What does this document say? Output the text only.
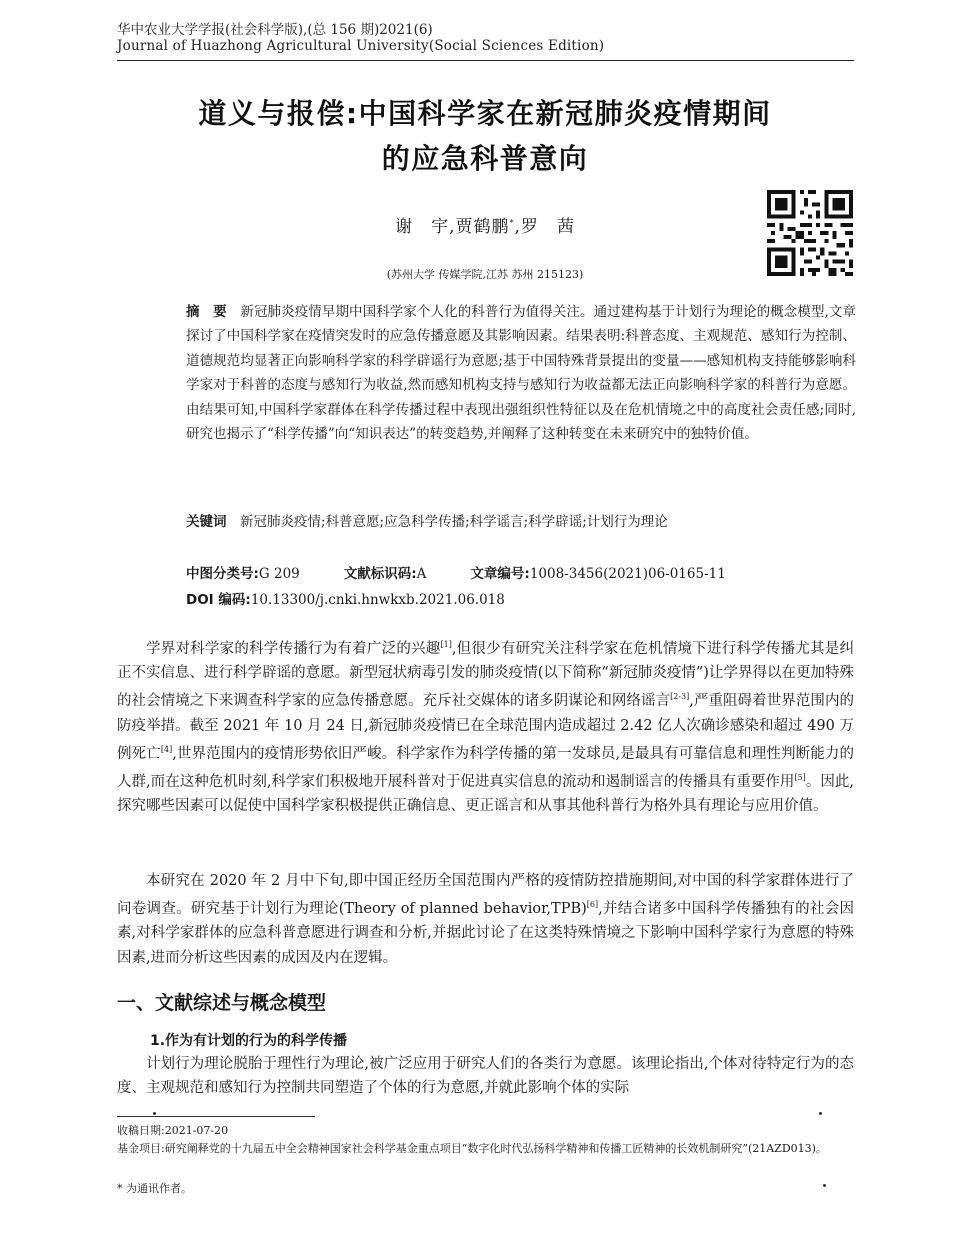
华中农业大学学报(社会科学版),(总 156 期)2021(6)
Journal of Huazhong Agricultural University(Social Sciences Edition)
道义与报偿:中国科学家在新冠肺炎疫情期间
的应急科普意向
谢　宇,贾鹤鹏*,罗　茜
(苏州大学 传媒学院,江苏 苏州 215123)
摘　要　 新冠肺炎疫情早期中国科学家个人化的科普行为值得关注。通过建构基于计划行为理论的概念模型,文章探讨了中国科学家在疫情突发时的应急传播意愿及其影响因素。结果表明:科普态度、主观规范、感知行为控制、道德规范均显著正向影响科学家的科学辟谣行为意愿;基于中国特殊背景提出的变量——感知机构支持能够影响科学家对于科普的态度与感知行为收益,然而感知机构支持与感知行为收益都无法正向影响科学家的科普行为意愿。由结果可知,中国科学家群体在科学传播过程中表现出强组织性特征以及在危机情境之中的高度社会责任感;同时,研究也揭示了“科学传播”向“知识表达”的转变趋势,并阐释了这种转变在未来研究中的独特价值。
关键词　 新冠肺炎疫情;科普意愿;应急科学传播;科学谣言;科学辟谣;计划行为理论
中图分类号:G 209	文献标识码:A	文章编号:1008-3456(2021)06-0165-11
DOI 编码:10.13300/j.cnki.hnwkxb.2021.06.018
学界对科学家的科学传播行为有着广泛的兴趣[1],但很少有研究关注科学家在危机情境下进行科学传播尤其是纠正不实信息、进行科学辟谣的意愿。新型冠状病毒引发的肺炎疫情(以下简称“新冠肺炎疫情”)让学界得以在更加特殊的社会情境之下来调查科学家的应急传播意愿。充斥社交媒体的诸多阴谋论和网络谣言[2-3],严重阻碍着世界范围内的防疫举措。截至 2021 年 10 月 24 日,新冠肺炎疫情已在全球范围内造成超过 2.42 亿人次确诊感染和超过 490 万例死亡[4],世界范围内的疫情形势依旧严峻。科学家作为科学传播的第一发球员,是最具有可靠信息和理性判断能力的人群,而在这种危机时刻,科学家们积极地开展科普对于促进真实信息的流动和遏制谣言的传播具有重要作用[5]。因此,探究哪些因素可以促使中国科学家积极提供正确信息、更正谣言和从事其他科普行为格外具有理论与应用价值。
本研究在 2020 年 2 月中下旬,即中国正经历全国范围内严格的疫情防控措施期间,对中国的科学家群体进行了问卷调查。研究基于计划行为理论(Theory of planned behavior,TPB)[6],并结合诸多中国科学传播独有的社会因素,对科学家群体的应急科普意愿进行调查和分析,并据此讨论了在这类特殊情境之下影响中国科学家行为意愿的特殊因素,进而分析这些因素的成因及内在逻辑。
一、文献综述与概念模型
1.作为有计划的行为的科学传播
计划行为理论脱胎于理性行为理论,被广泛应用于研究人们的各类行为意愿。该理论指出,个体对待特定行为的态度、主观规范和感知行为控制共同塑造了个体的行为意愿,并就此影响个体的实际
收稿日期:2021-07-20
基金项目:研究阐释党的十九届五中全会精神国家社会科学基金重点项目“数字化时代弘扬科学精神和传播工匠精神的长效机制研究”(21AZD013)。
* 为通讯作者。
